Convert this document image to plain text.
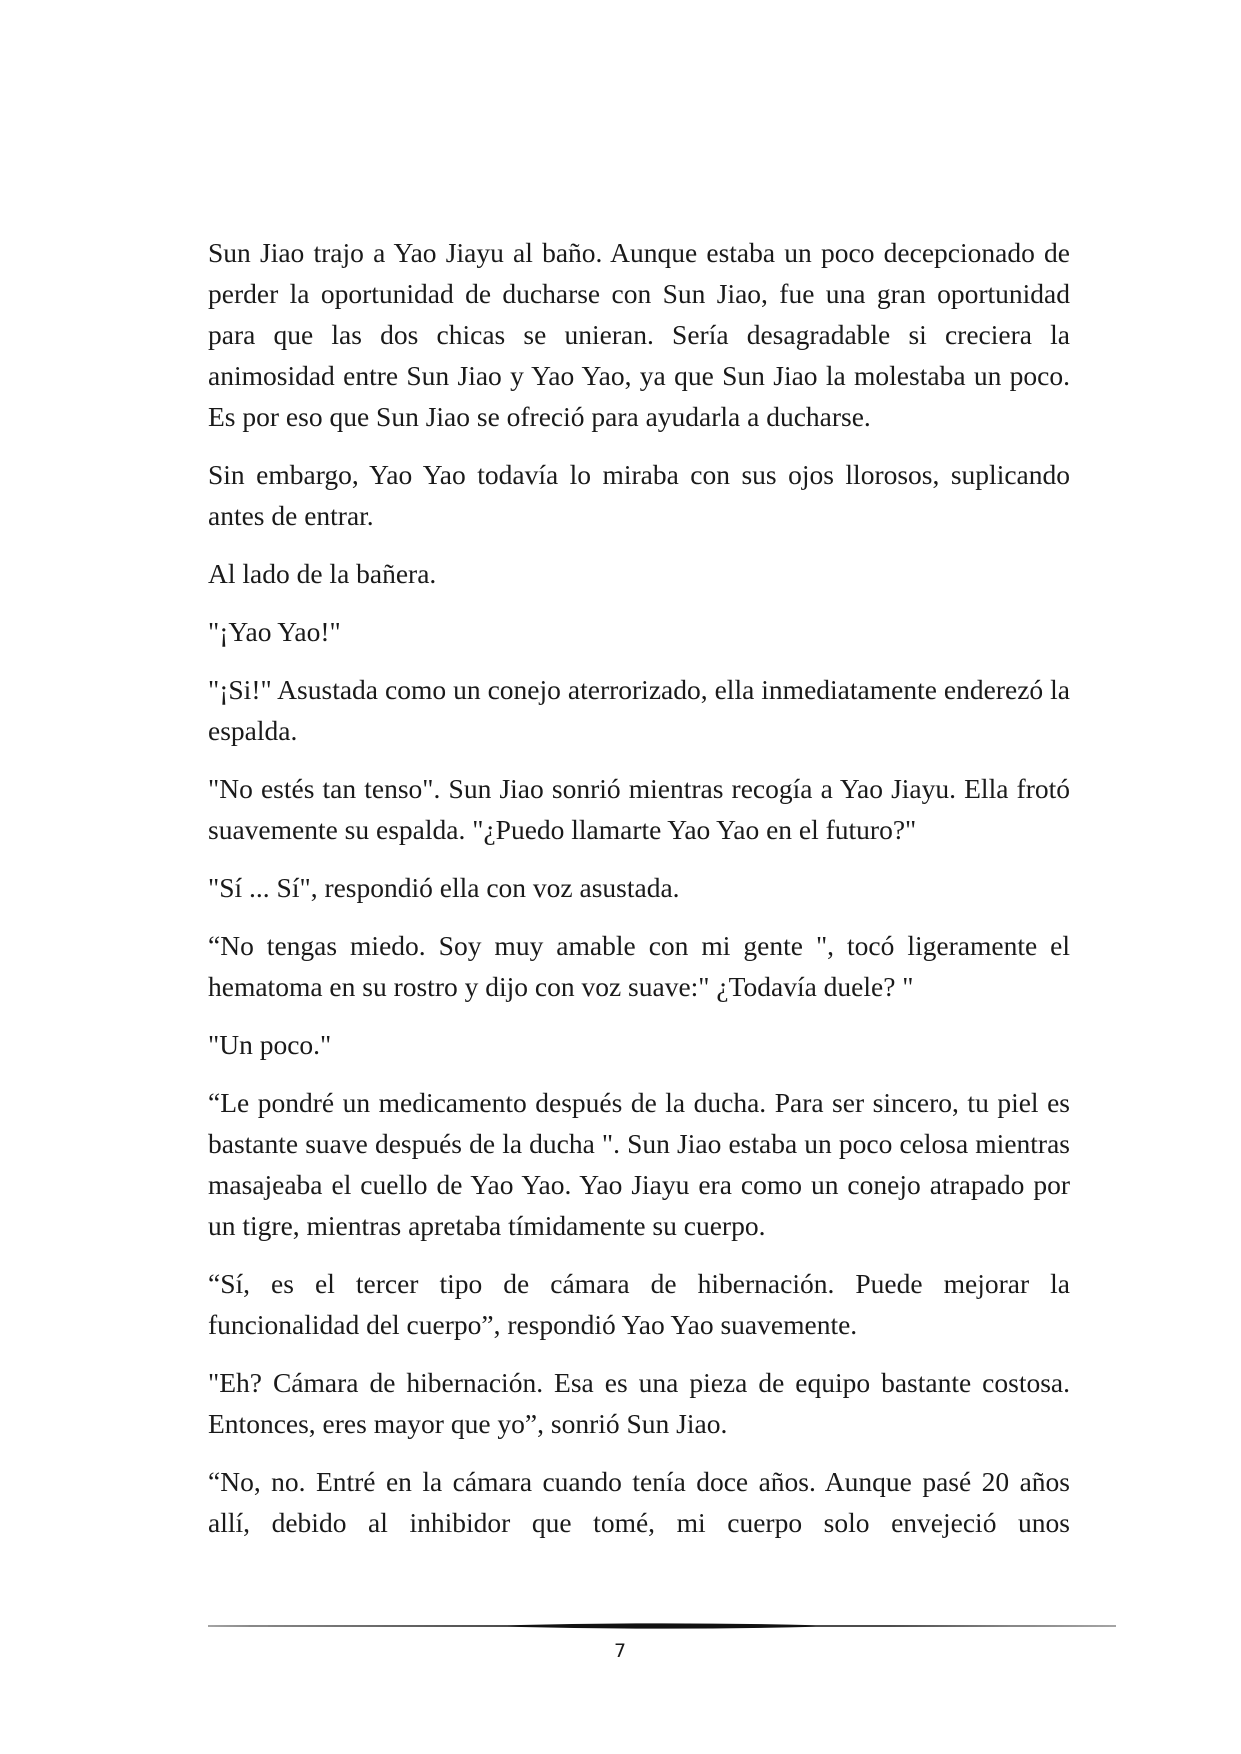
Sun Jiao trajo a Yao Jiayu al baño. Aunque estaba un poco decepcionado de perder la oportunidad de ducharse con Sun Jiao, fue una gran oportunidad para que las dos chicas se unieran. Sería desagradable si creciera la animosidad entre Sun Jiao y Yao Yao, ya que Sun Jiao la molestaba un poco. Es por eso que Sun Jiao se ofreció para ayudarla a ducharse.

Sin embargo, Yao Yao todavía lo miraba con sus ojos llorosos, suplicando antes de entrar.

Al lado de la bañera.

"¡Yao Yao!"

"¡Si!" Asustada como un conejo aterrorizado, ella inmediatamente enderezó la espalda.

"No estés tan tenso". Sun Jiao sonrió mientras recogía a Yao Jiayu. Ella frotó suavemente su espalda. "¿Puedo llamarte Yao Yao en el futuro?"

"Sí ... Sí", respondió ella con voz asustada.

“No tengas miedo. Soy muy amable con mi gente ", tocó ligeramente el hematoma en su rostro y dijo con voz suave:" ¿Todavía duele? "

"Un poco."

“Le pondré un medicamento después de la ducha. Para ser sincero, tu piel es bastante suave después de la ducha ". Sun Jiao estaba un poco celosa mientras masajeaba el cuello de Yao Yao. Yao Jiayu era como un conejo atrapado por un tigre, mientras apretaba tímidamente su cuerpo.

“Sí, es el tercer tipo de cámara de hibernación. Puede mejorar la funcionalidad del cuerpo”, respondió Yao Yao suavemente.

"Eh? Cámara de hibernación. Esa es una pieza de equipo bastante costosa. Entonces, eres mayor que yo”, sonrió Sun Jiao.

“No, no. Entré en la cámara cuando tenía doce años. Aunque pasé 20 años allí, debido al inhibidor que tomé, mi cuerpo solo envejeció unos

7
